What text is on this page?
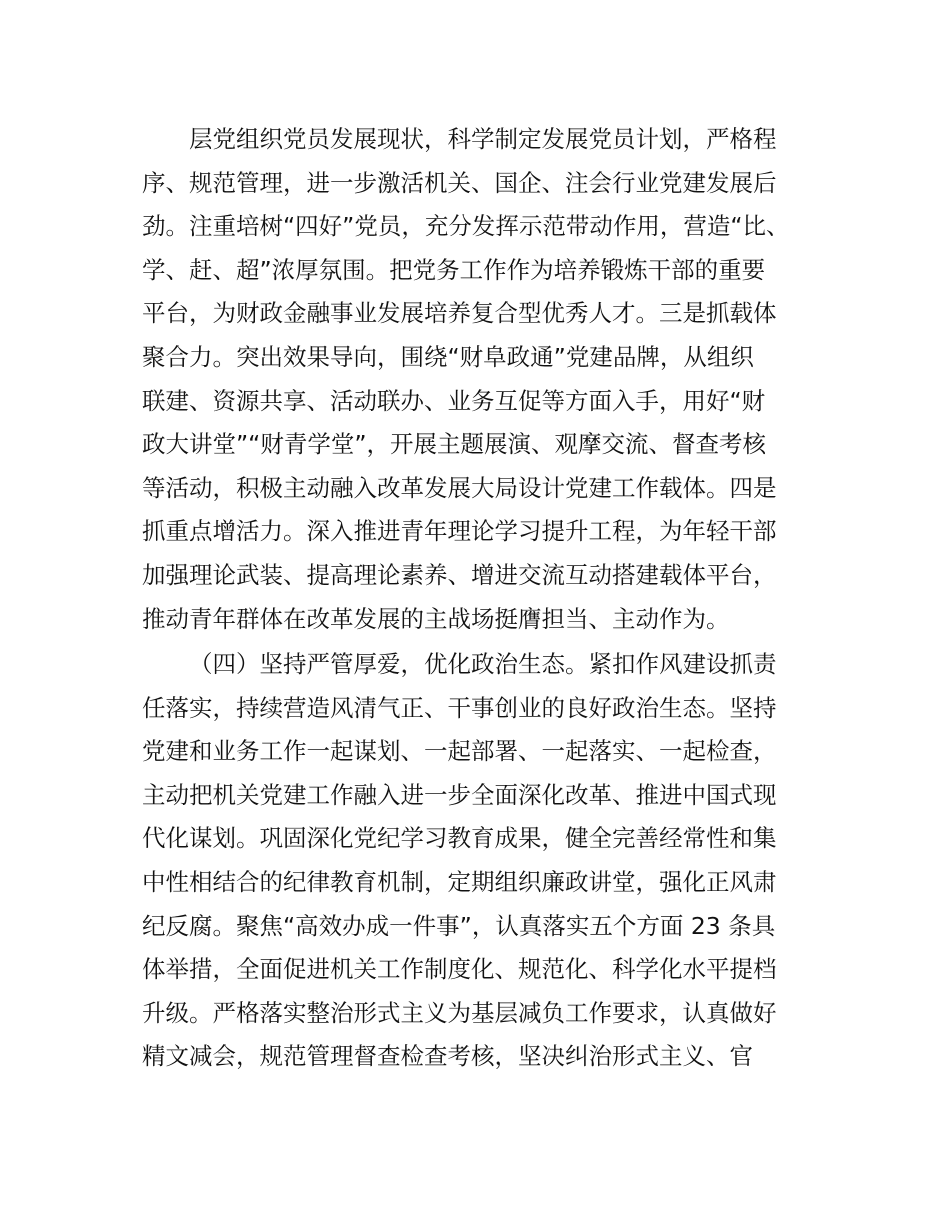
层党组织党员发展现状，科学制定发展党员计划，严格程
序、规范管理，进一步激活机关、国企、注会行业党建发展后
劲。注重培树“四好”党员，充分发挥示范带动作用，营造“比、
学、赶、超”浓厚氛围。把党务工作作为培养锻炼干部的重要
平台，为财政金融事业发展培养复合型优秀人才。三是抓载体
聚合力。突出效果导向，围绕“财阜政通”党建品牌，从组织
联建、资源共享、活动联办、业务互促等方面入手，用好“财
政大讲堂”“财青学堂”，开展主题展演、观摩交流、督查考核
等活动，积极主动融入改革发展大局设计党建工作载体。四是
抓重点增活力。深入推进青年理论学习提升工程，为年轻干部
加强理论武装、提高理论素养、增进交流互动搭建载体平台，
推动青年群体在改革发展的主战场挺膺担当、主动作为。
（四）坚持严管厚爱，优化政治生态。紧扣作风建设抓责
任落实，持续营造风清气正、干事创业的良好政治生态。坚持
党建和业务工作一起谋划、一起部署、一起落实、一起检查，
主动把机关党建工作融入进一步全面深化改革、推进中国式现
代化谋划。巩固深化党纪学习教育成果，健全完善经常性和集
中性相结合的纪律教育机制，定期组织廉政讲堂，强化正风肃
纪反腐。聚焦“高效办成一件事”，认真落实五个方面 23 条具
体举措，全面促进机关工作制度化、规范化、科学化水平提档
升级。严格落实整治形式主义为基层减负工作要求，认真做好
精文减会，规范管理督查检查考核，坚决纠治形式主义、官
